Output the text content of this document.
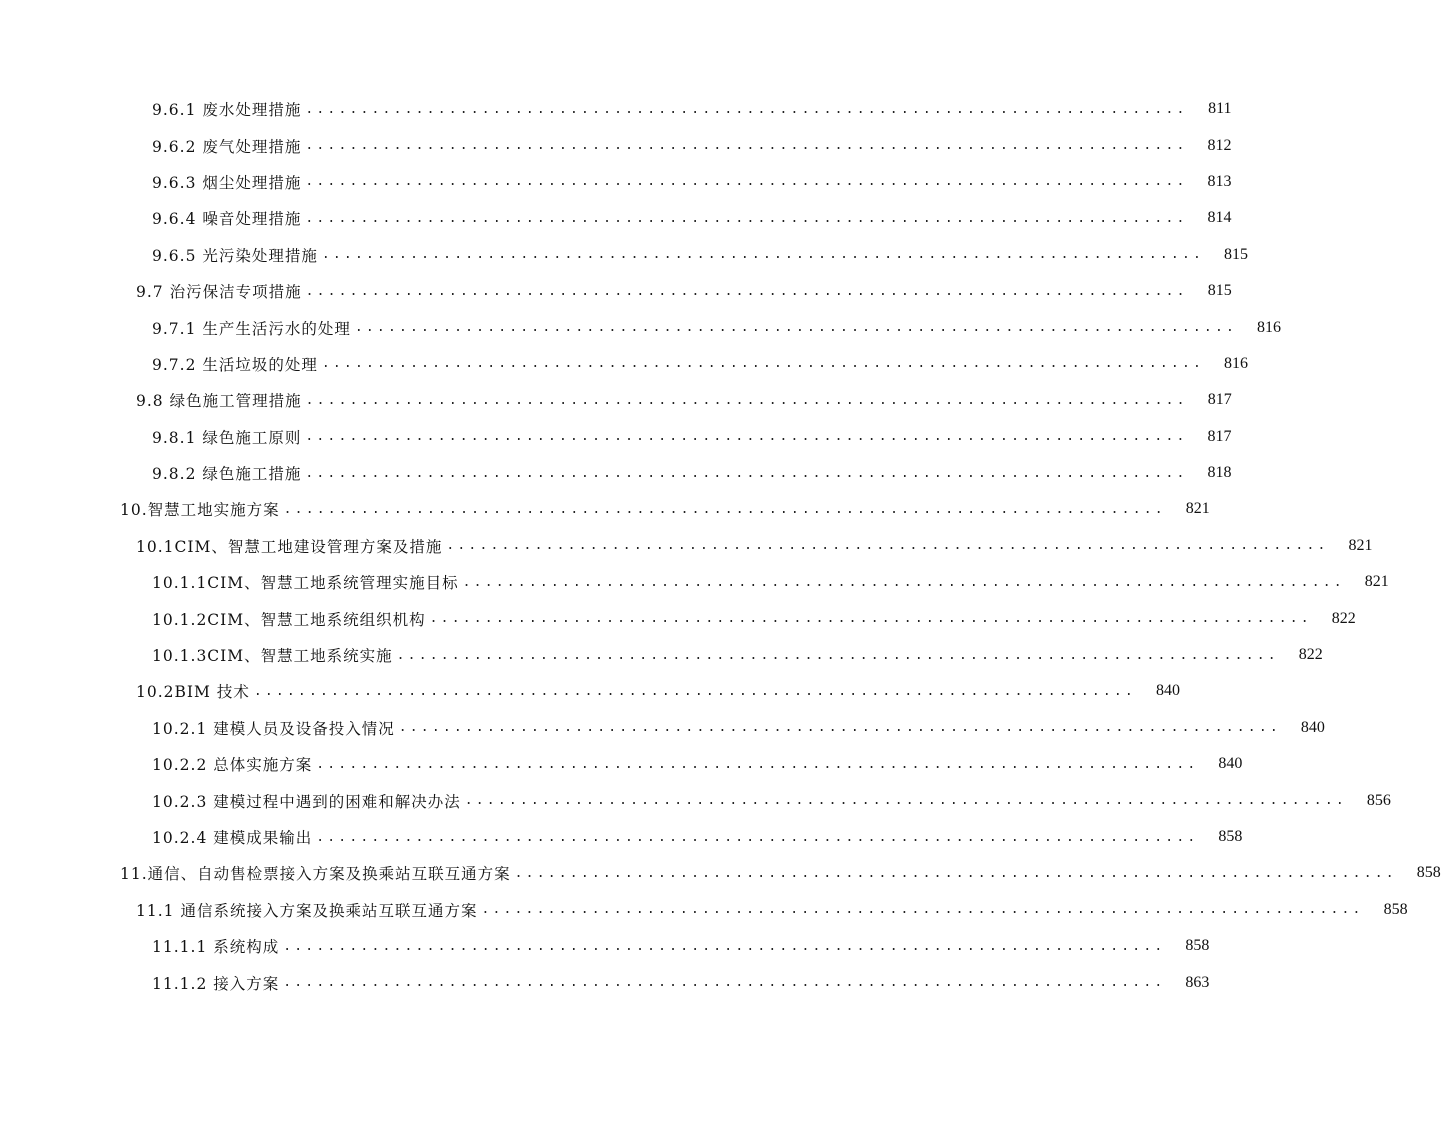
9.6.1 废水处理措施 ................................................................................	811
9.6.2 废气处理措施 ................................................................................	812
9.6.3 烟尘处理措施 ................................................................................	813
9.6.4 噪音处理措施 ................................................................................	814
9.6.5 光污染处理措施 ................................................................................	815
9.7 治污保洁专项措施 ................................................................................	815
9.7.1 生产生活污水的处理 ................................................................................	816
9.7.2 生活垃圾的处理 ................................................................................	816
9.8 绿色施工管理措施 ................................................................................	817
9.8.1 绿色施工原则 ................................................................................	817
9.8.2 绿色施工措施 ................................................................................	818
10.智慧工地实施方案 ................................................................................	821
10.1CIM、智慧工地建设管理方案及措施 ................................................................................	821
10.1.1CIM、智慧工地系统管理实施目标 ................................................................................	821
10.1.2CIM、智慧工地系统组织机构 ................................................................................	822
10.1.3CIM、智慧工地系统实施 ................................................................................	822
10.2BIM 技术 ................................................................................	840
10.2.1 建模人员及设备投入情况 ................................................................................	840
10.2.2 总体实施方案 ................................................................................	840
10.2.3 建模过程中遇到的困难和解决办法 ................................................................................	856
10.2.4 建模成果输出 ................................................................................	858
11.通信、自动售检票接入方案及换乘站互联互通方案 ................................................................................	858
11.1 通信系统接入方案及换乘站互联互通方案 ................................................................................	858
11.1.1 系统构成 ................................................................................	858
11.1.2 接入方案 ................................................................................	863
